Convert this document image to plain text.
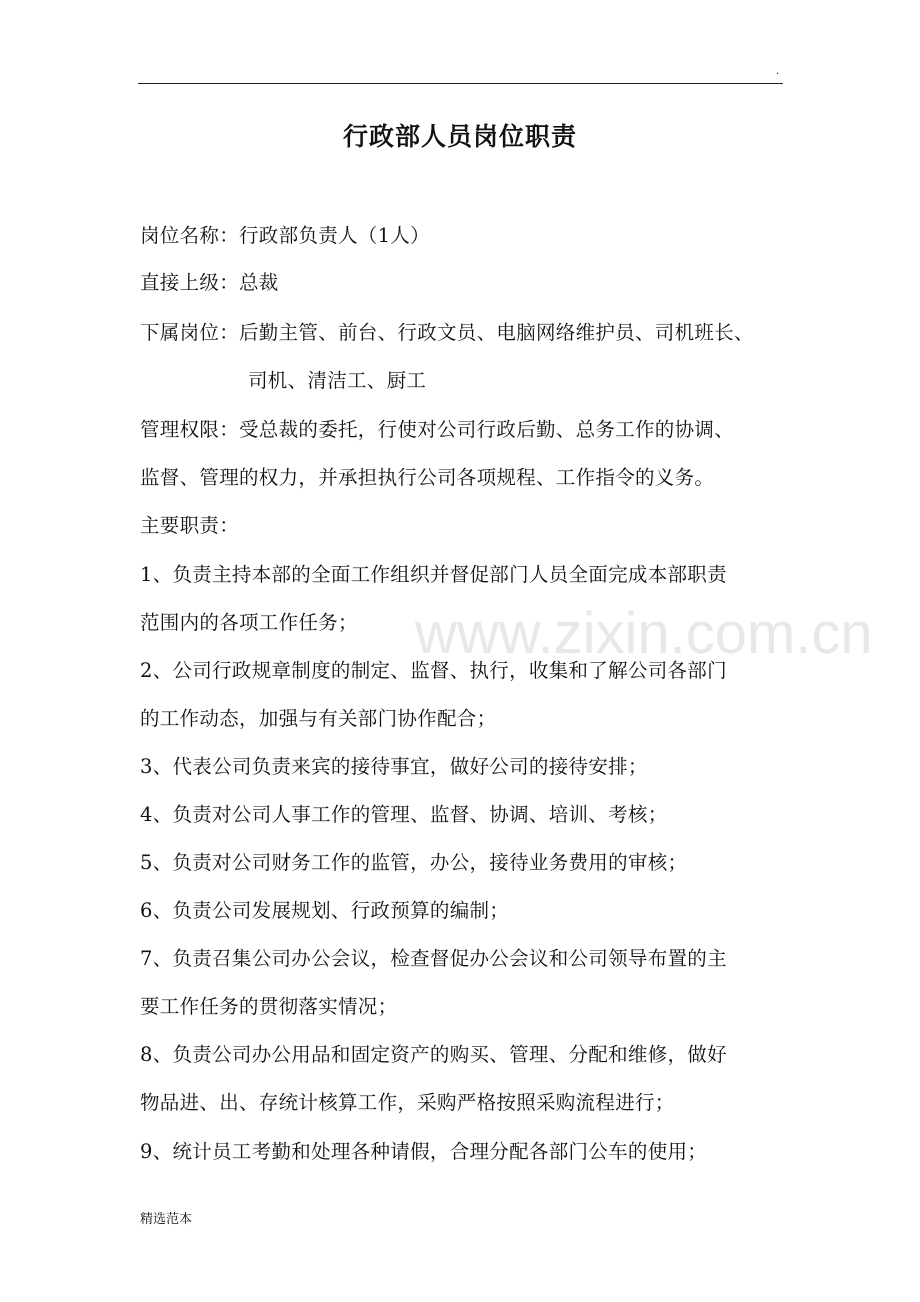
.
行政部人员岗位职责
岗位名称：行政部负责人（1人）
直接上级：总裁
下属岗位：后勤主管、前台、行政文员、电脑网络维护员、司机班长、
司机、清洁工、厨工
管理权限：受总裁的委托，行使对公司行政后勤、总务工作的协调、
监督、管理的权力，并承担执行公司各项规程、工作指令的义务。
主要职责：
1、负责主持本部的全面工作组织并督促部门人员全面完成本部职责
范围内的各项工作任务；
2、公司行政规章制度的制定、监督、执行，收集和了解公司各部门
的工作动态，加强与有关部门协作配合；
3、代表公司负责来宾的接待事宜，做好公司的接待安排；
4、负责对公司人事工作的管理、监督、协调、培训、考核；
5、负责对公司财务工作的监管，办公，接待业务费用的审核；
6、负责公司发展规划、行政预算的编制；
7、负责召集公司办公会议，检查督促办公会议和公司领导布置的主
要工作任务的贯彻落实情况；
8、负责公司办公用品和固定资产的购买、管理、分配和维修，做好
物品进、出、存统计核算工作，采购严格按照采购流程进行；
9、统计员工考勤和处理各种请假，合理分配各部门公车的使用；
www.zixin.com.cn
精选范本
